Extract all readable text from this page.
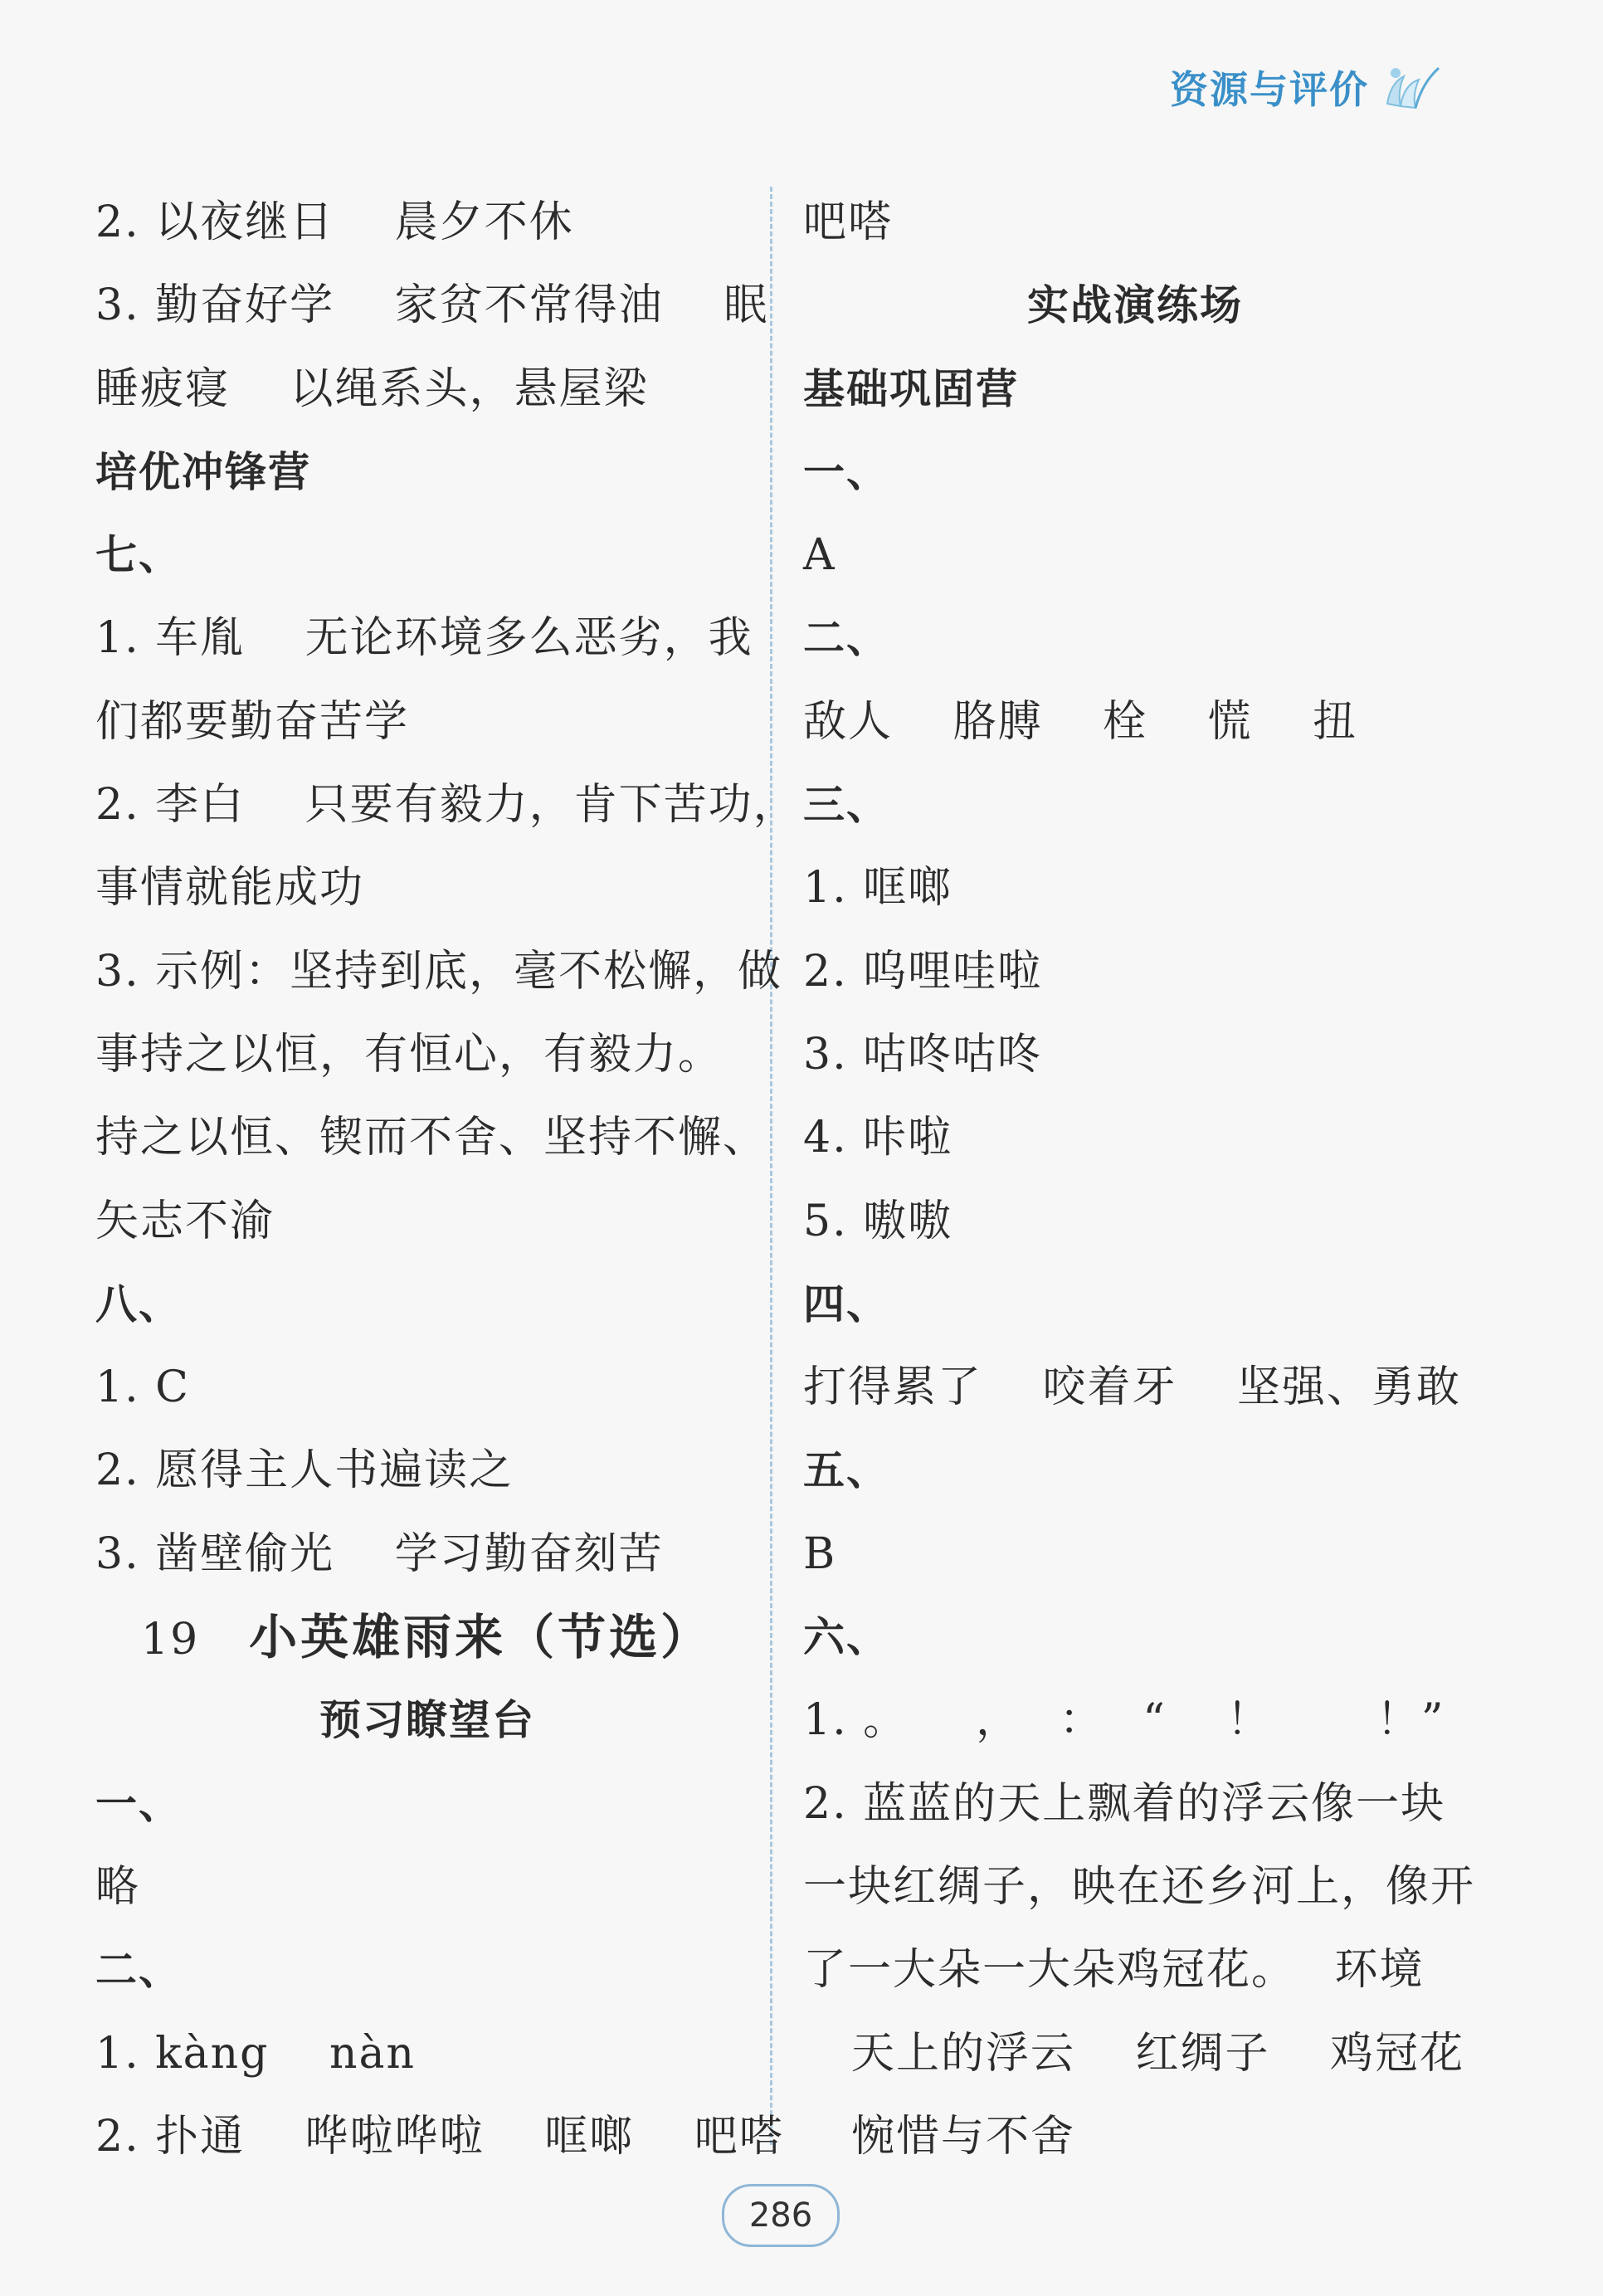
资源与评价
2. 以夜继日　 晨夕不休
3. 勤奋好学　 家贫不常得油　 眠
睡疲寝　 以绳系头，悬屋梁
培优冲锋营
七、
1. 车胤　 无论环境多么恶劣，我
们都要勤奋苦学
2. 李白　 只要有毅力，肯下苦功，
事情就能成功
3. 示例：坚持到底，毫不松懈，做
事持之以恒，有恒心，有毅力。
持之以恒、锲而不舍、坚持不懈、
矢志不渝
八、
1. C
2. 愿得主人书遍读之
3. 凿壁偷光　 学习勤奋刻苦
19 小英雄雨来（节选）
预习瞭望台
一、
略
二、
1. kàng　 nàn
2. 扑通　 哗啦哗啦　 哐啷　 吧嗒
吧嗒
实战演练场
基础巩固营
一、
A
二、
敌人　 胳膊　 栓　 慌　 扭
三、
1. 哐啷
2. 呜哩哇啦
3. 咕咚咕咚
4. 咔啦
5. 嗷嗷
四、
打得累了　 咬着牙　 坚强、勇敢
五、
B
六、
1. 。　　，　 ：　 “　 ！　　 ！”
2. 蓝蓝的天上飘着的浮云像一块
一块红绸子，映在还乡河上，像开
了一大朵一大朵鸡冠花。　 环境
天上的浮云　 红绸子　 鸡冠花
惋惜与不舍
286
